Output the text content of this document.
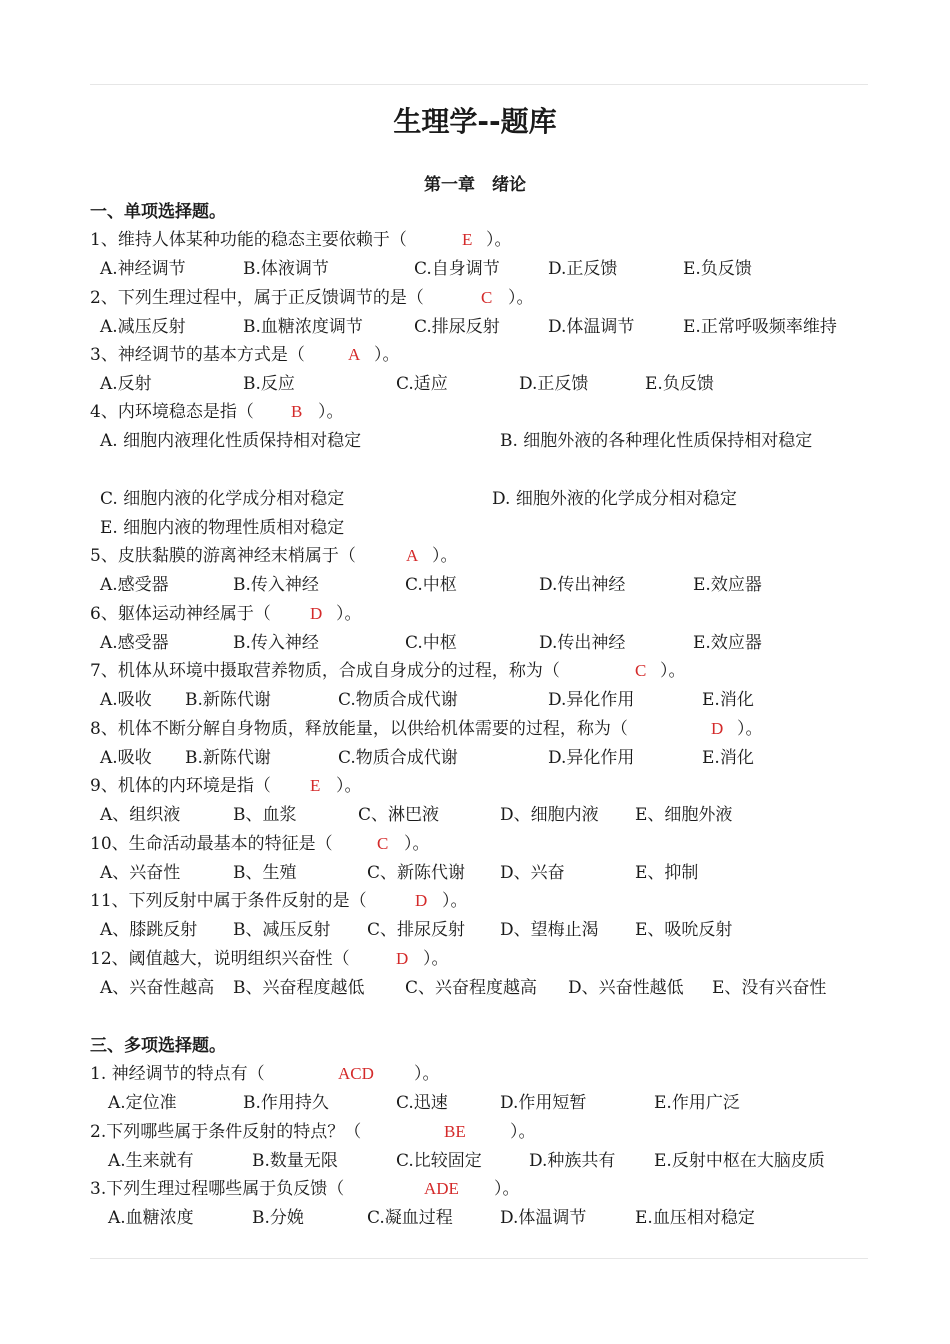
生理学--题库
第一章　绪论
一、单项选择题。
1、维持人体某种功能的稳态主要依赖于（	E ）。
A.神经调节	B.体液调节	C.自身调节	D.正反馈	E.负反馈
2、下列生理过程中，属于正反馈调节的是（	C ）。
A.减压反射	B.血糖浓度调节	C.排尿反射	D.体温调节	E.正常呼吸频率维持
3、神经调节的基本方式是（	A ）。
A.反射	B.反应	C.适应	D.正反馈	E.负反馈
4、内环境稳态是指（ B ）。
A. 细胞内液理化性质保持相对稳定	B. 细胞外液的各种理化性质保持相对稳定
C. 细胞内液的化学成分相对稳定	D. 细胞外液的化学成分相对稳定
E. 细胞内液的物理性质相对稳定
5、皮肤黏膜的游离神经末梢属于（	A ）。
A.感受器	B.传入神经	C.中枢	D.传出神经	E.效应器
6、躯体运动神经属于（ D ）。
A.感受器	B.传入神经	C.中枢	D.传出神经	E.效应器
7、机体从环境中摄取营养物质，合成自身成分的过程，称为（	C ）。
A.吸收 B.新陈代谢	C.物质合成代谢	D.异化作用	E.消化
8、机体不断分解自身物质，释放能量，以供给机体需要的过程，称为（	D ）。
A.吸收 B.新陈代谢	C.物质合成代谢	D.异化作用	E.消化
9、机体的内环境是指（ E ）。
A、组织液	B、血浆	C、淋巴液	D、细胞内液 E、细胞外液
10、生命活动最基本的特征是（	C ）。
A、兴奋性	B、生殖	C、新陈代谢 D、兴奋	E、抑制
11、下列反射中属于条件反射的是（	D ）。
A、膝跳反射 B、减压反射 C、排尿反射 D、望梅止渴 E、吸吮反射
12、阈值越大，说明组织兴奋性（	D ）。
A、兴奋性越高 B、兴奋程度越低 C、兴奋程度越高 D、兴奋性越低 E、没有兴奋性
三、多项选择题。
1. 神经调节的特点有（	ACD ）。
A.定位准	B.作用持久	C.迅速	D.作用短暂	E.作用广泛
2.下列哪些属于条件反射的特点？（	BE	）。
A.生来就有	B.数量无限	C.比较固定	D.种族共有 E.反射中枢在大脑皮质
3.下列生理过程哪些属于负反馈（	ADE ）。
A.血糖浓度	B.分娩	C.凝血过程	D.体温调节	E.血压相对稳定
